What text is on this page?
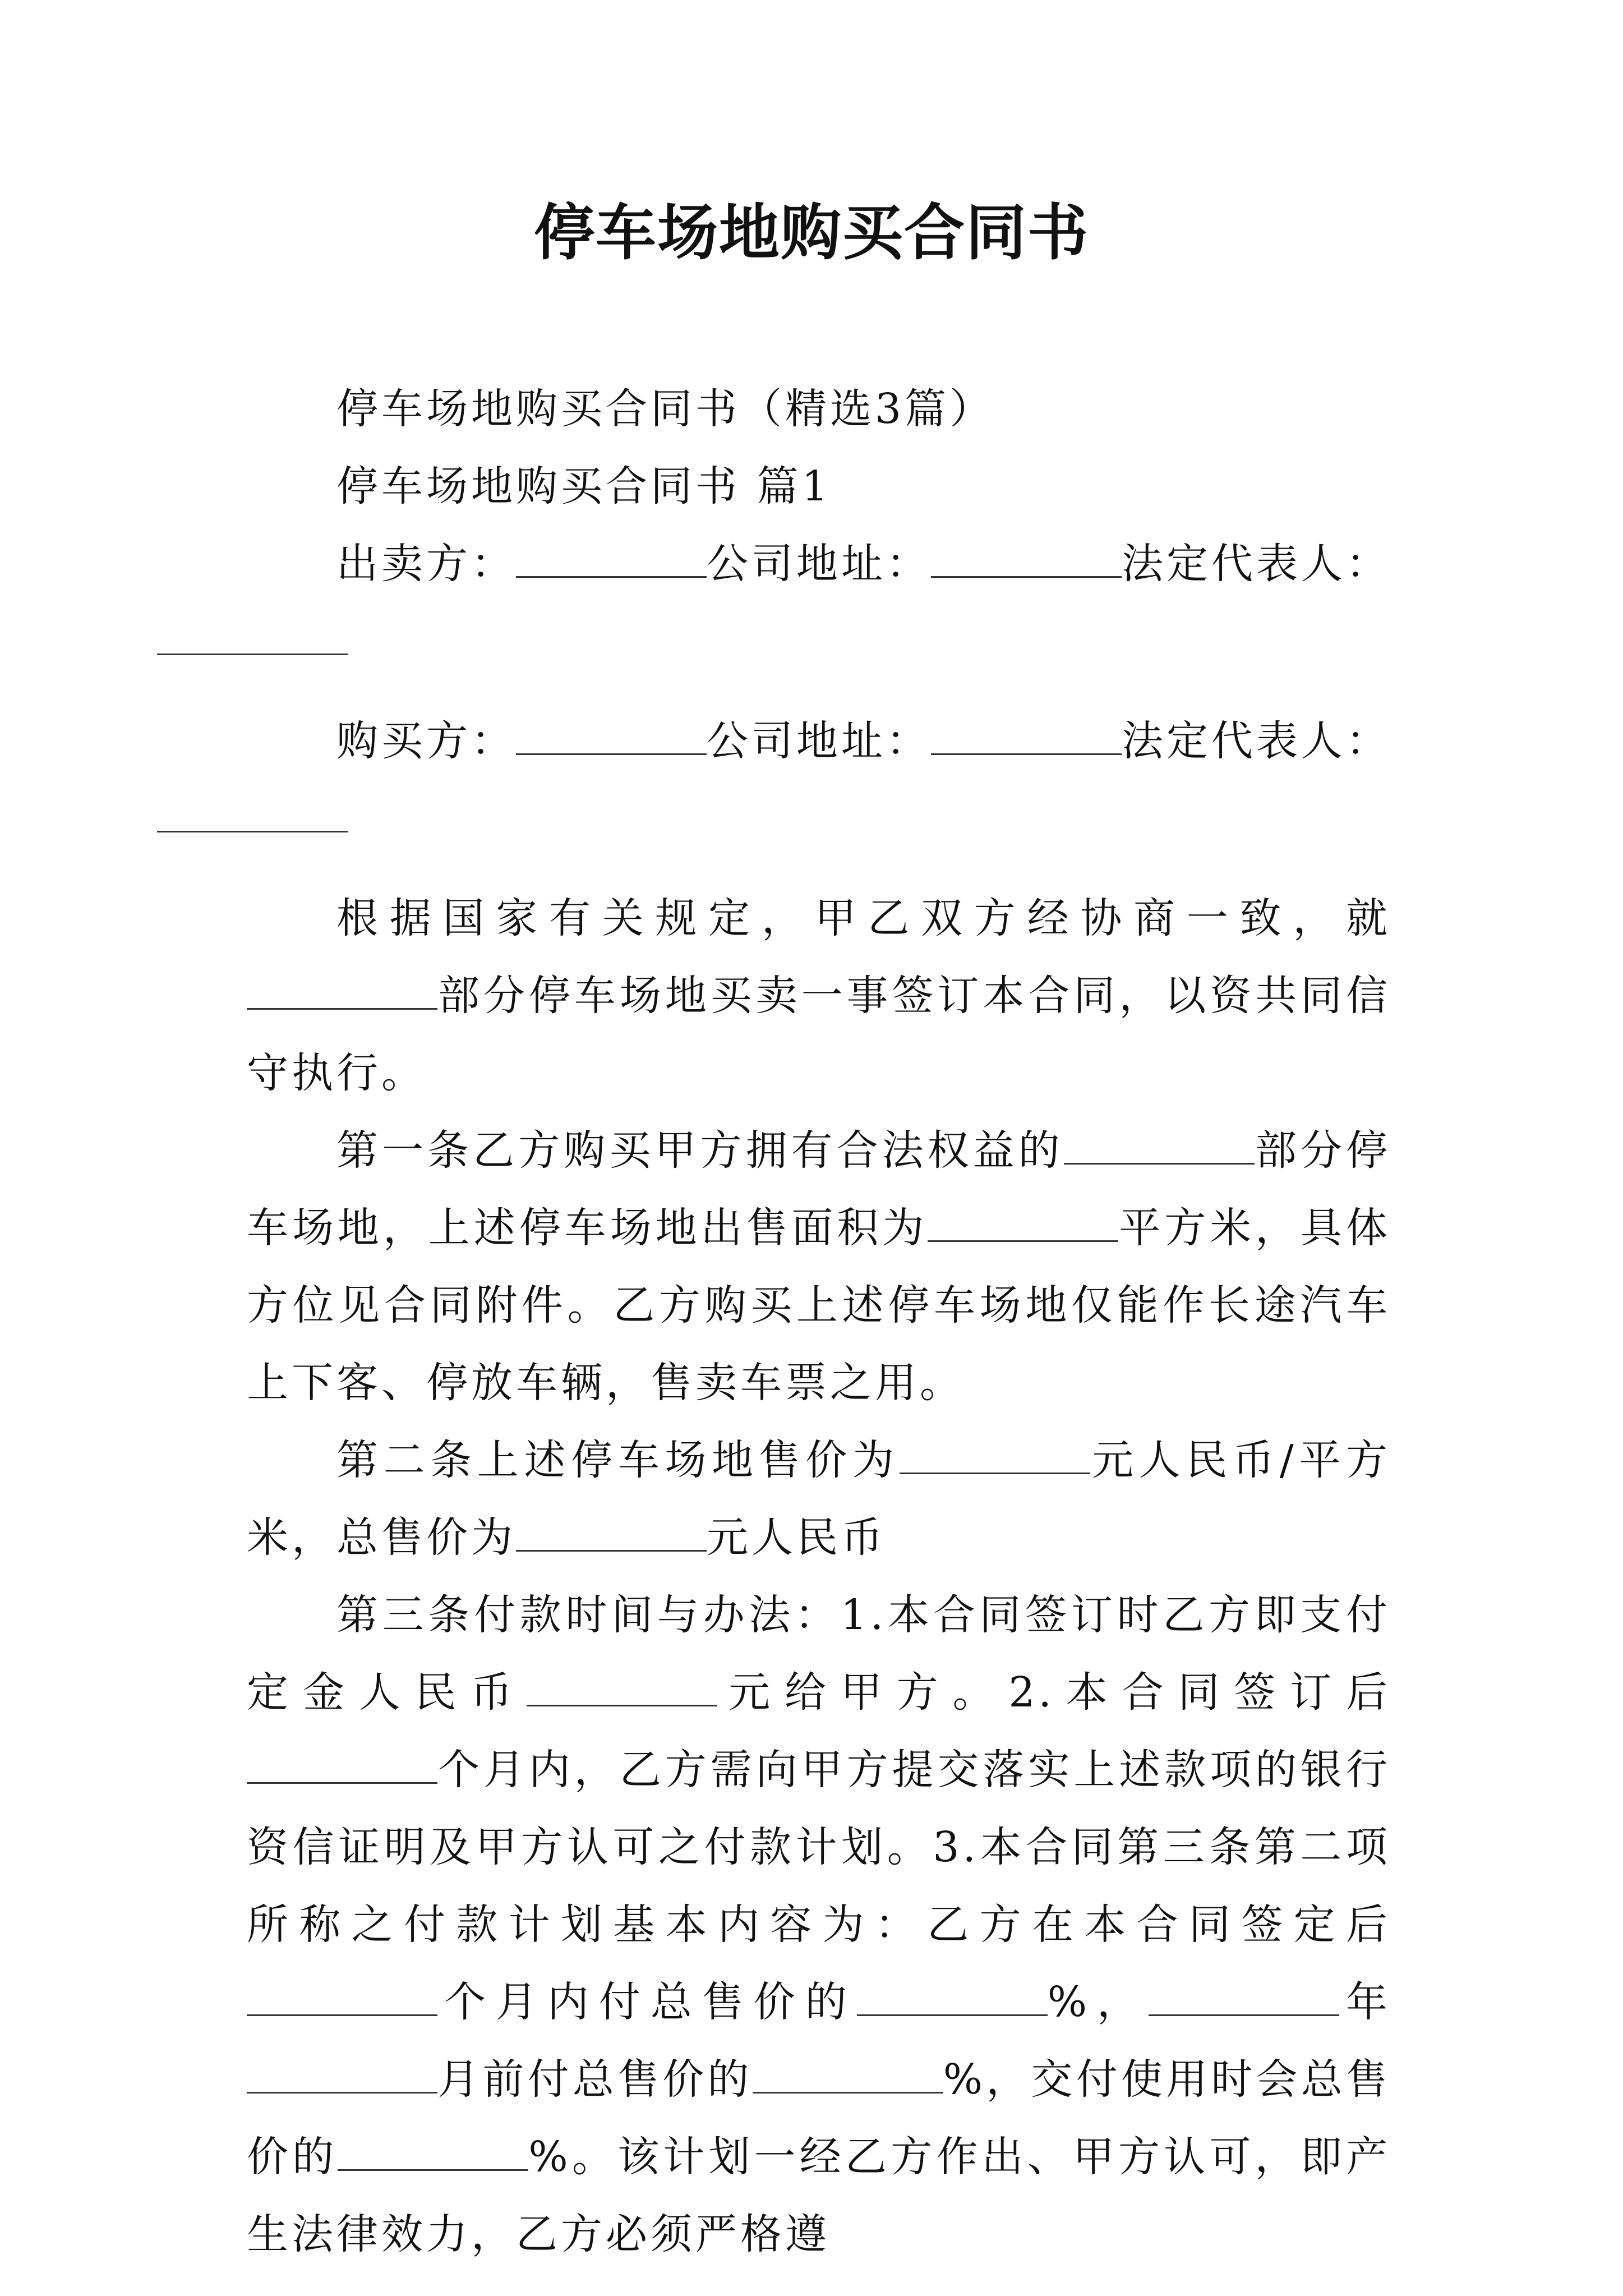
停车场地购买合同书

停车场地购买合同书（精选3篇）

停车场地购买合同书 篇1

出卖方：	公司地址：	法定代表人：

购买方：	公司地址：	法定代表人：

根据国家有关规定，甲乙双方经协商一致，就部分停车场地买卖一事签订本合同，以资共同信守执行。

第一条乙方购买甲方拥有合法权益的	部分停车场地，上述停车场地出售面积为	平方米，具体方位见合同附件。乙方购买上述停车场地仅能作长途汽车上下客、停放车辆，售卖车票之用。

第二条上述停车场地售价为	元人民币/平方米，总售价为	元人民币

第三条付款时间与办法：1.本合同签订时乙方即支付定金人民币	元给甲方。2.本合同签订后个月内，乙方需向甲方提交落实上述款项的银行资信证明及甲方认可之付款计划。3.本合同第三条第二项所称之付款计划基本内容为：乙方在本合同签定后个月内付总售价的	%，	年月前付总售价的	%，交付使用时会总售价的	%。该计划一经乙方作出、甲方认可，即产生法律效力，乙方必须严格遵
